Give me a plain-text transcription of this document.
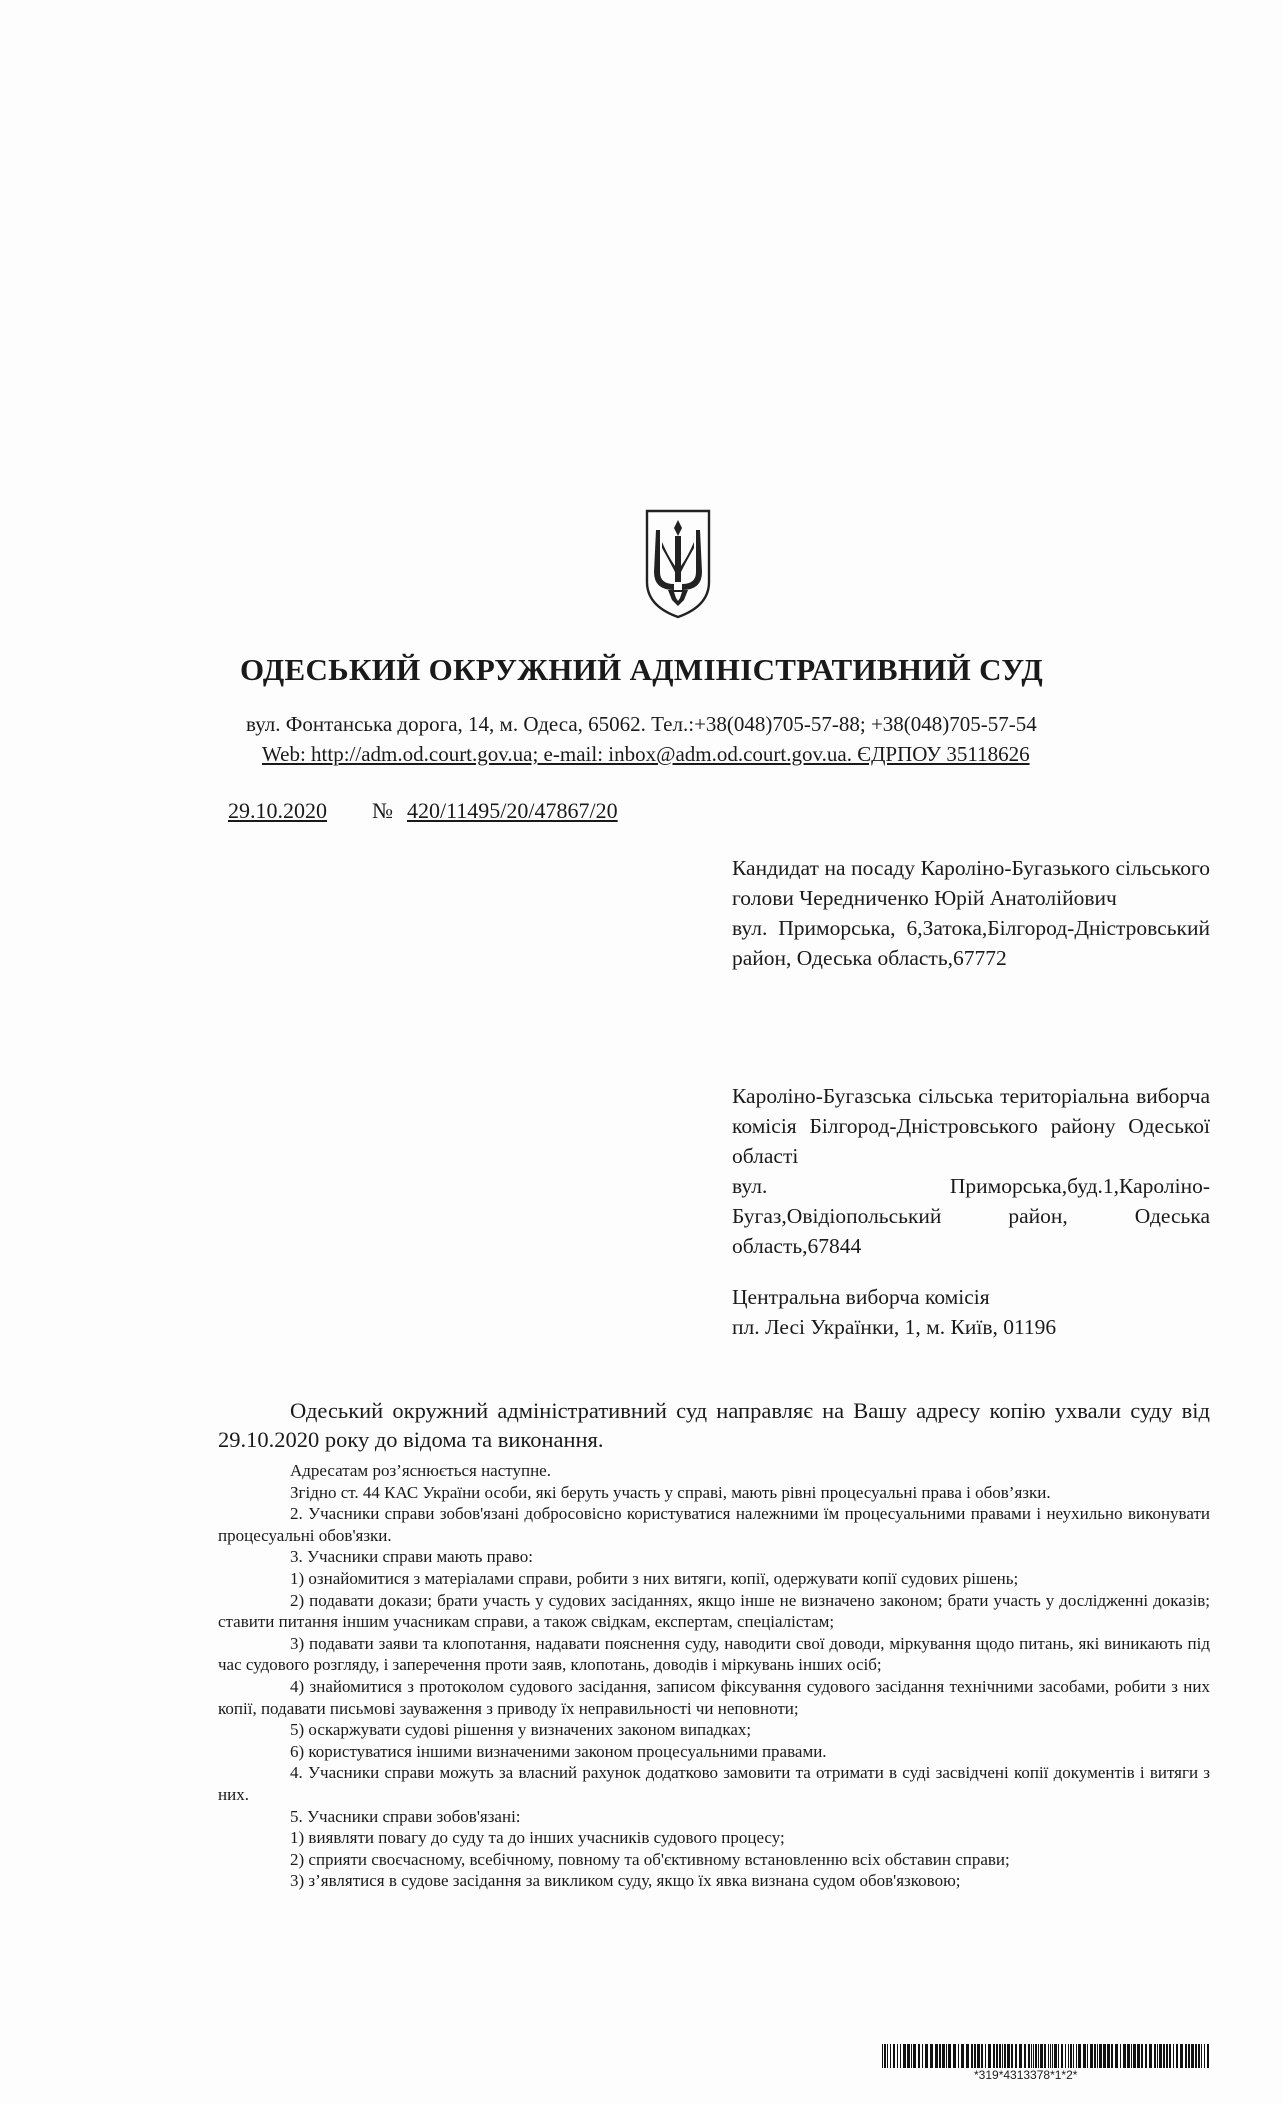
ОДЕСЬКИЙ ОКРУЖНИЙ АДМІНІСТРАТИВНИЙ СУД
вул. Фонтанська дорога, 14, м. Одеса, 65062. Тел.:+38(048)705-57-88; +38(048)705-57-54
Web: http://adm.od.court.gov.ua; e-mail: inbox@adm.od.court.gov.ua. ЄДРПОУ 35118626
29.10.2020 № 420/11495/20/47867/20
Кандидат на посаду Кароліно-Бугазького сільського голови Чередниченко Юрій Анатолійович
вул. Приморська, 6,Затока,Білгород-Дністровський район, Одеська область,67772
Кароліно-Бугазська сільська територіальна виборча комісія Білгород-Дністровського району Одеської області
вул. Приморська,буд.1,Кароліно-Бугаз,Овідіопольський район, Одеська область,67844
Центральна виборча комісія
пл. Лесі Українки, 1, м. Київ, 01196
Одеський окружний адміністративний суд направляє на Вашу адресу копію ухвали суду від 29.10.2020 року до відома та виконання.

Адресатам роз’яснюється наступне.

Згідно ст. 44 КАС України особи, які беруть участь у справі, мають рівні процесуальні права і обов’язки.

2. Учасники справи зобов'язані добросовісно користуватися належними їм процесуальними правами і неухильно виконувати процесуальні обов'язки.

3. Учасники справи мають право:

1) ознайомитися з матеріалами справи, робити з них витяги, копії, одержувати копії судових рішень;

2) подавати докази; брати участь у судових засіданнях, якщо інше не визначено законом; брати участь у дослідженні доказів; ставити питання іншим учасникам справи, а також свідкам, експертам, спеціалістам;

3) подавати заяви та клопотання, надавати пояснення суду, наводити свої доводи, міркування щодо питань, які виникають під час судового розгляду, і заперечення проти заяв, клопотань, доводів і міркувань інших осіб;

4) знайомитися з протоколом судового засідання, записом фіксування судового засідання технічними засобами, робити з них копії, подавати письмові зауваження з приводу їх неправильності чи неповноти;

5) оскаржувати судові рішення у визначених законом випадках;

6) користуватися іншими визначеними законом процесуальними правами.

4. Учасники справи можуть за власний рахунок додатково замовити та отримати в суді засвідчені копії документів і витяги з них.

5. Учасники справи зобов'язані:

1) виявляти повагу до суду та до інших учасників судового процесу;

2) сприяти своєчасному, всебічному, повному та об'єктивному встановленню всіх обставин справи;

3) з’являтися в судове засідання за викликом суду, якщо їх явка визнана судом обов'язковою;

*319*4313378*1*2*
